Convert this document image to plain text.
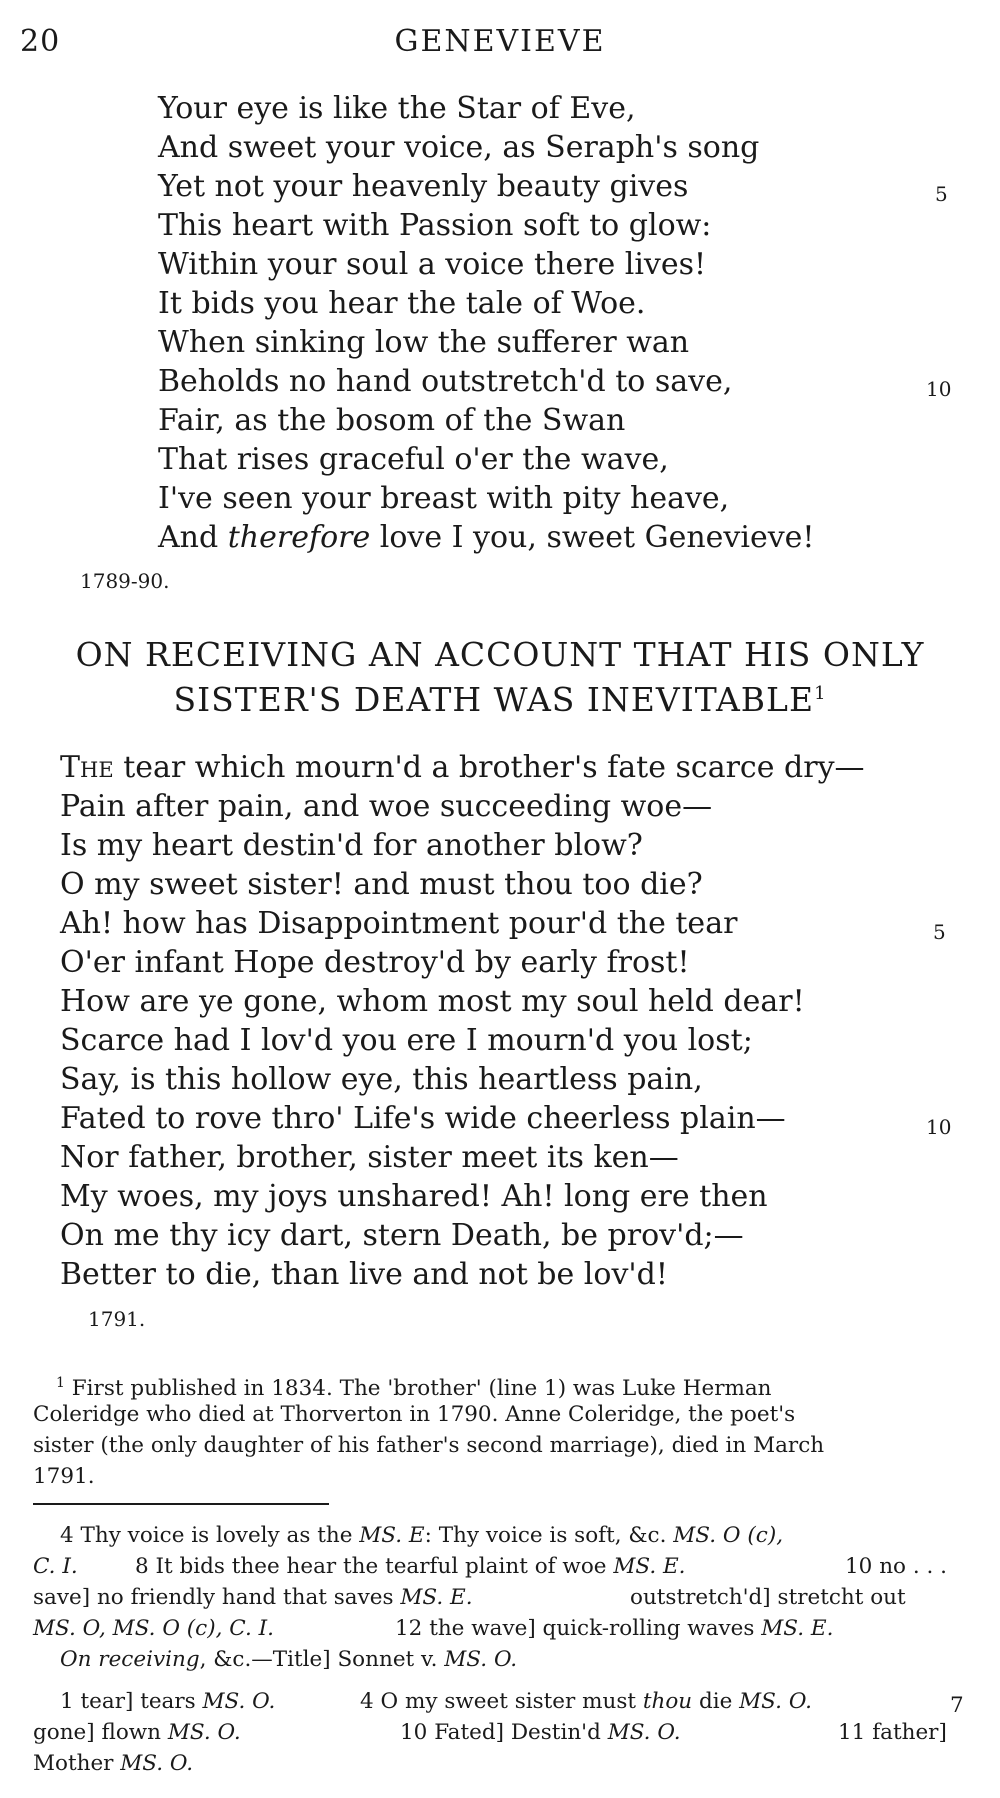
20	GENEVIEVE
Your eye is like the Star of Eve,
And sweet your voice, as Seraph's song
Yet not your heavenly beauty gives
This heart with Passion soft to glow:
Within your soul a voice there lives!
It bids you hear the tale of Woe.
When sinking low the sufferer wan
Beholds no hand outstretch'd to save,
Fair, as the bosom of the Swan
That rises graceful o'er the wave,
I've seen your breast with pity heave,
And therefore love I you, sweet Genevieve!
5
10
1789-90.
ON RECEIVING AN ACCOUNT THAT HIS ONLY
SISTER'S DEATH WAS INEVITABLE$^1$
The tear which mourn'd a brother's fate scarce dry—
Pain after pain, and woe succeeding woe—
Is my heart destin'd for another blow?
O my sweet sister! and must thou too die?
Ah! how has Disappointment pour'd the tear
O'er infant Hope destroy'd by early frost!
How are ye gone, whom most my soul held dear!
Scarce had I lov'd you ere I mourn'd you lost;
Say, is this hollow eye, this heartless pain,
Fated to rove thro' Life's wide cheerless plain—
Nor father, brother, sister meet its ken—
My woes, my joys unshared! Ah! long ere then
On me thy icy dart, stern Death, be prov'd;—
Better to die, than live and not be lov'd!
5
10
1791.
$^1$ First published in 1834. The 'brother' (line 1) was Luke Herman
Coleridge who died at Thorverton in 1790. Anne Coleridge, the poet's
sister (the only daughter of his father's second marriage), died in March
1791.
4 Thy voice is lovely as the MS. E: Thy voice is soft, &c. MS. O (c),
C. I.	8 It bids thee hear the tearful plaint of woe MS. E.	10 no . . .
save] no friendly hand that saves MS. E.	outstretch'd] stretcht out
MS. O, MS. O (c), C. I.	12 the wave] quick-rolling waves MS. E.
On receiving, &c.—Title] Sonnet v. MS. O.
1 tear] tears MS. O.	4 O my sweet sister must thou die MS. O.	7
gone] flown MS. O.	10 Fated] Destin'd MS. O.	11 father]
Mother MS. O.
